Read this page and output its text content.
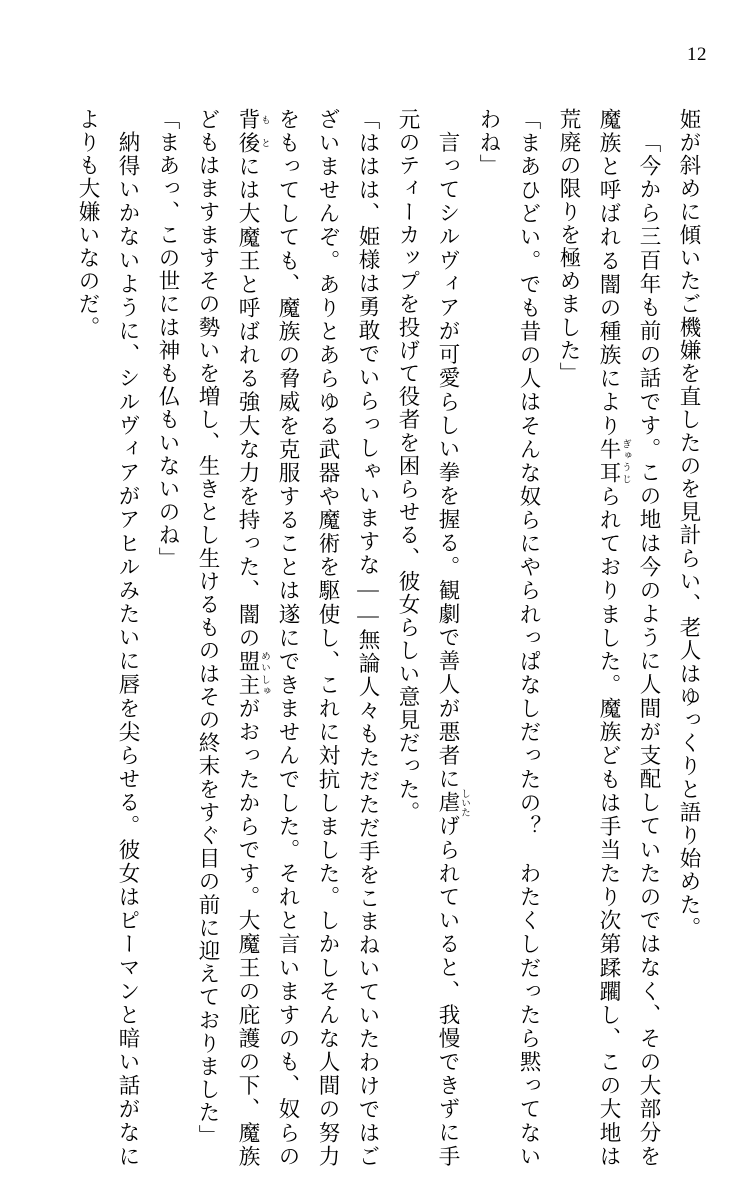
12

姫が斜めに傾いたご機嫌を直したのを見計らい、老人はゆっくりと語り始めた。

「今から三百年も前の話です。この地は今のように人間が支配していたのではなく、その大部分を魔族と呼ばれる闇の種族により牛耳 ぎゅうじられておりました。魔族どもは手当たり次第蹂躙し、この大地は荒廃の限りを極めました」

「まあひどい。でも昔の人はそんな奴らにやられっぱなしだったの？　わたくしだったら黙ってないわね」

言ってシルヴィアが可愛らしい拳を握る。観劇で善人が悪者に虐 しいたげられていると、我慢できずに手元のティーカップを投げて役者を困らせる、彼女らしい意見だった。

「ははは、姫様は勇敢でいらっしゃいますな――無論人々もただただ手をこまねいていたわけではございませんぞ。ありとあらゆる武器や魔術を駆使し、これに対抗しました。しかしそんな人間の努力をもってしても、魔族の脅威を克服することは遂にできませんでした。それと言いますのも、奴らの背後 もとには大魔王と呼ばれる強大な力を持った、闇の盟主 めいしゅがおったからです。大魔王の庇護の下、魔族どもはますますその勢いを増し、生きとし生けるものはその終末をすぐ目の前に迎えておりました」

「まあっ、この世には神も仏もいないのね」

納得いかないように、シルヴィアがアヒルみたいに唇を尖らせる。彼女はピーマンと暗い話がなによりも大嫌いなのだ。
